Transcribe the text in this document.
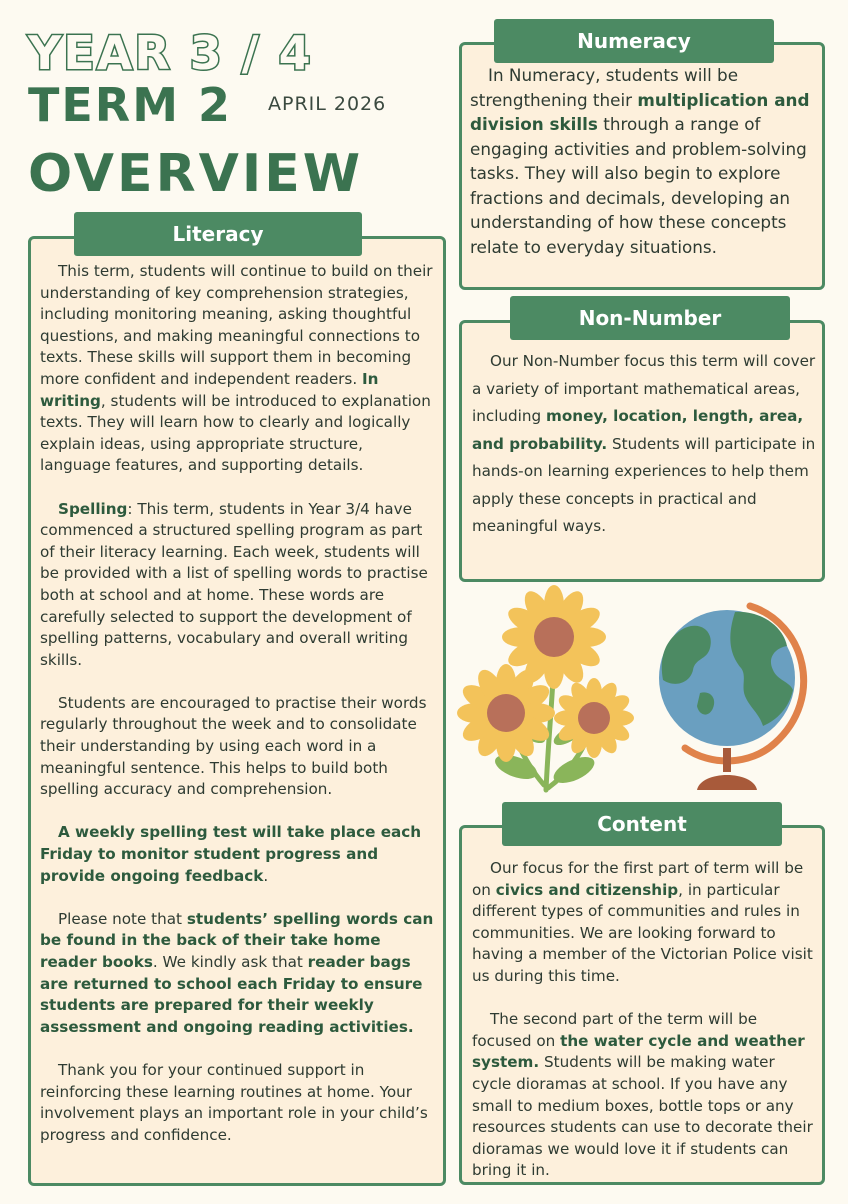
YEAR 3 / 4
TERM 2 APRIL 2026
OVERVIEW
Literacy

This term, students will continue to build on their understanding of key comprehension strategies, including monitoring meaning, asking thoughtful questions, and making meaningful connections to texts. These skills will support them in becoming more confident and independent readers. In writing, students will be introduced to explanation texts. They will learn how to clearly and logically explain ideas, using appropriate structure, language features, and supporting details.

Spelling: This term, students in Year 3/4 have commenced a structured spelling program as part of their literacy learning. Each week, students will be provided with a list of spelling words to practise both at school and at home. These words are carefully selected to support the development of spelling patterns, vocabulary and overall writing skills.

Students are encouraged to practise their words regularly throughout the week and to consolidate their understanding by using each word in a meaningful sentence. This helps to build both spelling accuracy and comprehension.

A weekly spelling test will take place each Friday to monitor student progress and provide ongoing feedback.

Please note that students’ spelling words can be found in the back of their take home reader books. We kindly ask that reader bags are returned to school each Friday to ensure students are prepared for their weekly assessment and ongoing reading activities.

Thank you for your continued support in reinforcing these learning routines at home. Your involvement plays an important role in your child’s progress and confidence.

Numeracy

In Numeracy, students will be strengthening their multiplication and division skills through a range of engaging activities and problem-solving tasks. They will also begin to explore fractions and decimals, developing an understanding of how these concepts relate to everyday situations.

Non-Number

Our Non-Number focus this term will cover a variety of important mathematical areas, including money, location, length, area, and probability. Students will participate in hands-on learning experiences to help them apply these concepts in practical and meaningful ways.

Content

Our focus for the first part of term will be on civics and citizenship, in particular different types of communities and rules in communities. We are looking forward to having a member of the Victorian Police visit us during this time.

The second part of the term will be focused on the water cycle and weather system. Students will be making water cycle dioramas at school. If you have any small to medium boxes, bottle tops or any resources students can use to decorate their dioramas we would love it if students can bring it in.
